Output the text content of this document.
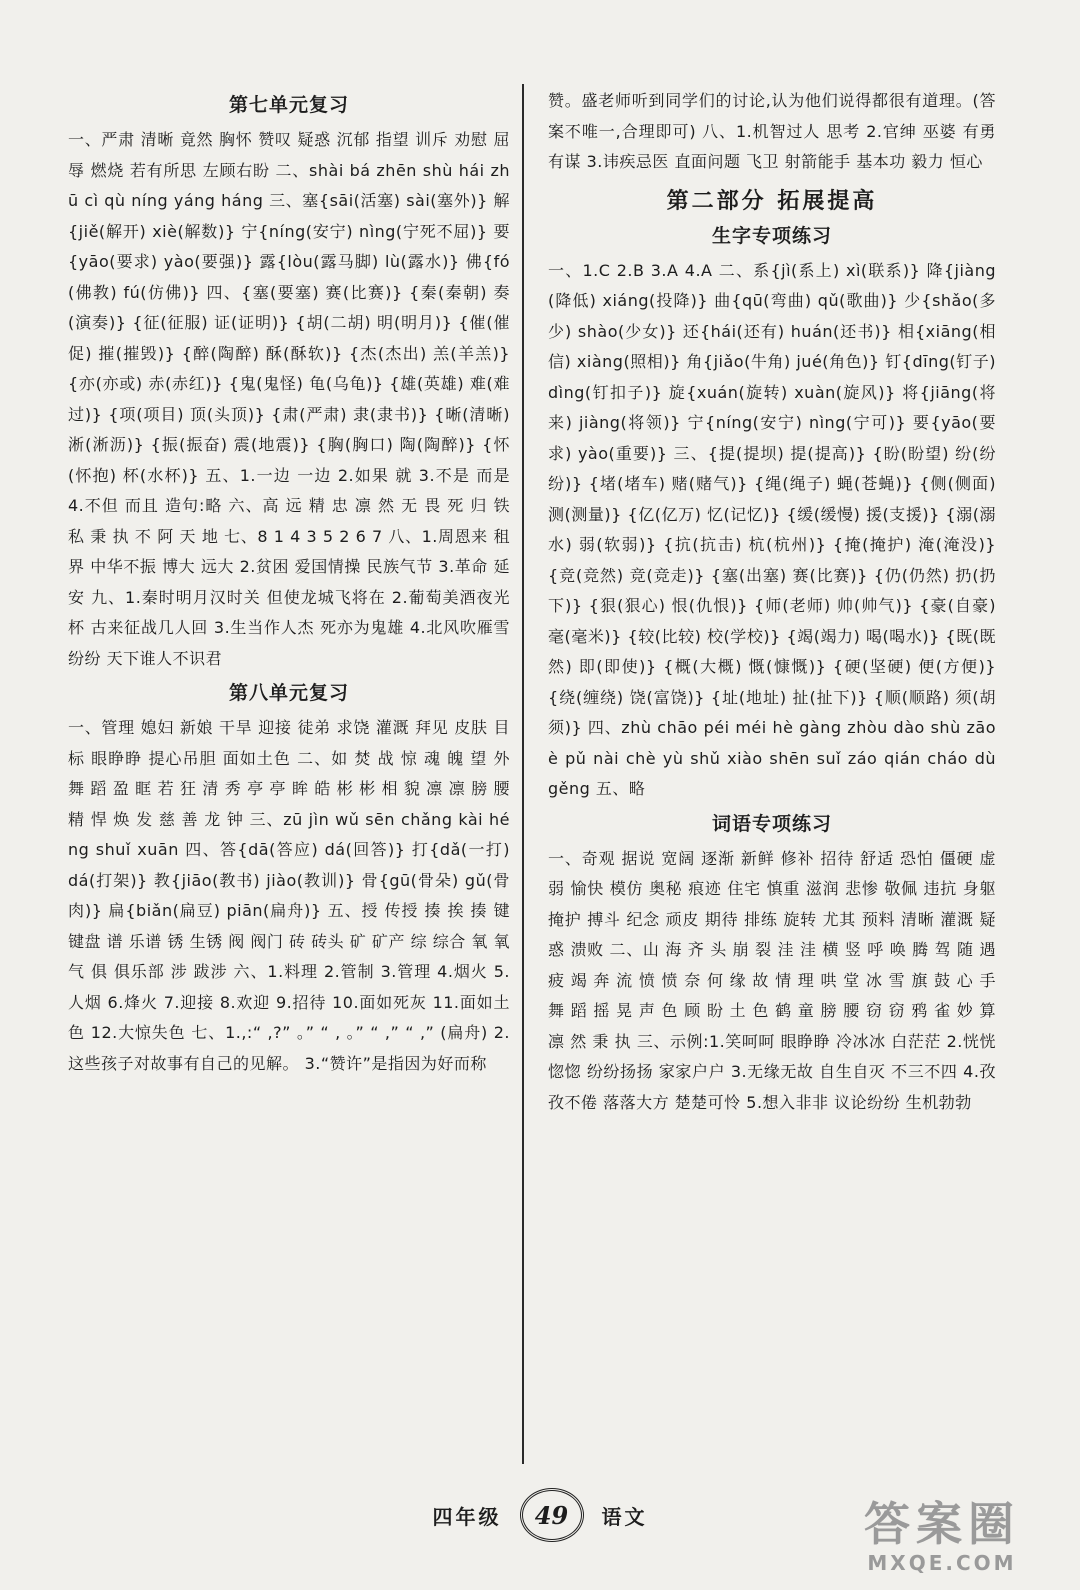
第七单元复习
一、严肃 清晰 竟然 胸怀 赞叹 疑惑 沉郁 指望 训斥 劝慰 屈辱 燃烧 若有所思 左顾右盼 二、shài bá zhēn shù hái zhū cì qù níng yáng háng 三、塞{sāi(活塞) sài(塞外)} 解{jiě(解开) xiè(解数)} 宁{níng(安宁) nìng(宁死不屈)} 要{yāo(要求) yào(要强)} 露{lòu(露马脚) lù(露水)} 佛{fó(佛教) fú(仿佛)} 四、{塞(要塞) 赛(比赛)} {秦(秦朝) 奏(演奏)} {征(征服) 证(证明)} {胡(二胡) 明(明月)} {催(催促) 摧(摧毁)} {醉(陶醉) 酥(酥软)} {杰(杰出) 羔(羊羔)} {亦(亦或) 赤(赤红)} {鬼(鬼怪) 龟(乌龟)} {雄(英雄) 难(难过)} {项(项目) 顶(头顶)} {肃(严肃) 隶(隶书)} {晰(清晰) 淅(淅沥)} {振(振奋) 震(地震)} {胸(胸口) 陶(陶醉)} {怀(怀抱) 杯(水杯)} 五、1.一边 一边 2.如果 就 3.不是 而是 4.不但 而且 造句:略 六、高 远 精 忠 凛 然 无 畏 死 归 铁 私 秉 执 不 阿 天 地 七、8 1 4 3 5 2 6 7 八、1.周恩来 租界 中华不振 博大 远大 2.贫困 爱国情操 民族气节 3.革命 延安 九、1.秦时明月汉时关 但使龙城飞将在 2.葡萄美酒夜光杯 古来征战几人回 3.生当作人杰 死亦为鬼雄 4.北风吹雁雪纷纷 天下谁人不识君
第八单元复习
一、管理 媳妇 新娘 干旱 迎接 徒弟 求饶 灌溉 拜见 皮肤 目标 眼睁睁 提心吊胆 面如土色 二、如 焚 战 惊 魂 魄 望 外 舞 蹈 盈 眶 若 狂 清 秀 亭 亭 眸 皓 彬 彬 相 貌 凛 凛 膀 腰 精 悍 焕 发 慈 善 龙 钟 三、zū jìn wǔ sēn chǎng kài héng shuǐ xuān 四、答{dā(答应) dá(回答)} 打{dǎ(一打) dá(打架)} 教{jiāo(教书) jiào(教训)} 骨{gū(骨朵) gǔ(骨肉)} 扁{biǎn(扁豆) piān(扁舟)} 五、授 传授 揍 挨 揍 键 键盘 谱 乐谱 锈 生锈 阀 阀门 砖 砖头 矿 矿产 综 综合 氧 氧气 俱 俱乐部 涉 跋涉 六、1.料理 2.管制 3.管理 4.烟火 5.人烟 6.烽火 7.迎接 8.欢迎 9.招待 10.面如死灰 11.面如土色 12.大惊失色 七、1.,:“ ,?” 。” “ , 。” “ ,” “ ,” (扁舟) 2.这些孩子对故事有自己的见解。 3.“赞许”是指因为好而称
赞。盛老师听到同学们的讨论,认为他们说得都很有道理。(答案不唯一,合理即可) 八、1.机智过人 思考 2.官绅 巫婆 有勇有谋 3.讳疾忌医 直面问题 飞卫 射箭能手 基本功 毅力 恒心
第二部分 拓展提高
生字专项练习
一、1.C 2.B 3.A 4.A 二、系{jì(系上) xì(联系)} 降{jiàng(降低) xiáng(投降)} 曲{qū(弯曲) qǔ(歌曲)} 少{shǎo(多少) shào(少女)} 还{hái(还有) huán(还书)} 相{xiāng(相信) xiàng(照相)} 角{jiǎo(牛角) jué(角色)} 钉{dīng(钉子) dìng(钉扣子)} 旋{xuán(旋转) xuàn(旋风)} 将{jiāng(将来) jiàng(将领)} 宁{níng(安宁) nìng(宁可)} 要{yāo(要求) yào(重要)} 三、{提(提坝) 提(提高)} {盼(盼望) 纷(纷纷)} {堵(堵车) 赌(赌气)} {绳(绳子) 蝇(苍蝇)} {侧(侧面) 测(测量)} {亿(亿万) 忆(记忆)} {缓(缓慢) 援(支援)} {溺(溺水) 弱(软弱)} {抗(抗击) 杭(杭州)} {掩(掩护) 淹(淹没)} {竞(竞然) 竞(竞走)} {塞(出塞) 赛(比赛)} {仍(仍然) 扔(扔下)} {狠(狠心) 恨(仇恨)} {师(老师) 帅(帅气)} {豪(自豪) 毫(毫米)} {较(比较) 校(学校)} {竭(竭力) 喝(喝水)} {既(既然) 即(即使)} {概(大概) 慨(慷慨)} {硬(坚硬) 便(方便)} {绕(缠绕) 饶(富饶)} {址(地址) 扯(扯下)} {顺(顺路) 须(胡须)} 四、zhù chāo péi méi hè gàng zhòu dào shù zāo è pǔ nài chè yù shǔ xiào shēn suǐ záo qián cháo dù gěng 五、略
词语专项练习
一、奇观 据说 宽阔 逐渐 新鲜 修补 招待 舒适 恐怕 僵硬 虚弱 愉快 模仿 奥秘 痕迹 住宅 慎重 滋润 悲惨 敬佩 违抗 身躯 掩护 搏斗 纪念 顽皮 期待 排练 旋转 尤其 预料 清晰 灌溉 疑惑 溃败 二、山 海 齐 头 崩 裂 洼 洼 横 竖 呼 唤 腾 驾 随 遇 疲 竭 奔 流 愤 愤 奈 何 缘 故 情 理 哄 堂 冰 雪 旗 鼓 心 手 舞 蹈 摇 晃 声 色 顾 盼 土 色 鹤 童 膀 腰 窃 窃 鸦 雀 妙 算 凛 然 秉 执 三、示例:1.笑呵呵 眼睁睁 冷冰冰 白茫茫 2.恍恍惚惚 纷纷扬扬 家家户户 3.无缘无故 自生自灭 不三不四 4.孜孜不倦 落落大方 楚楚可怜 5.想入非非 议论纷纷 生机勃勃
四年级 49 语文	答案圈
MXQE.COM
